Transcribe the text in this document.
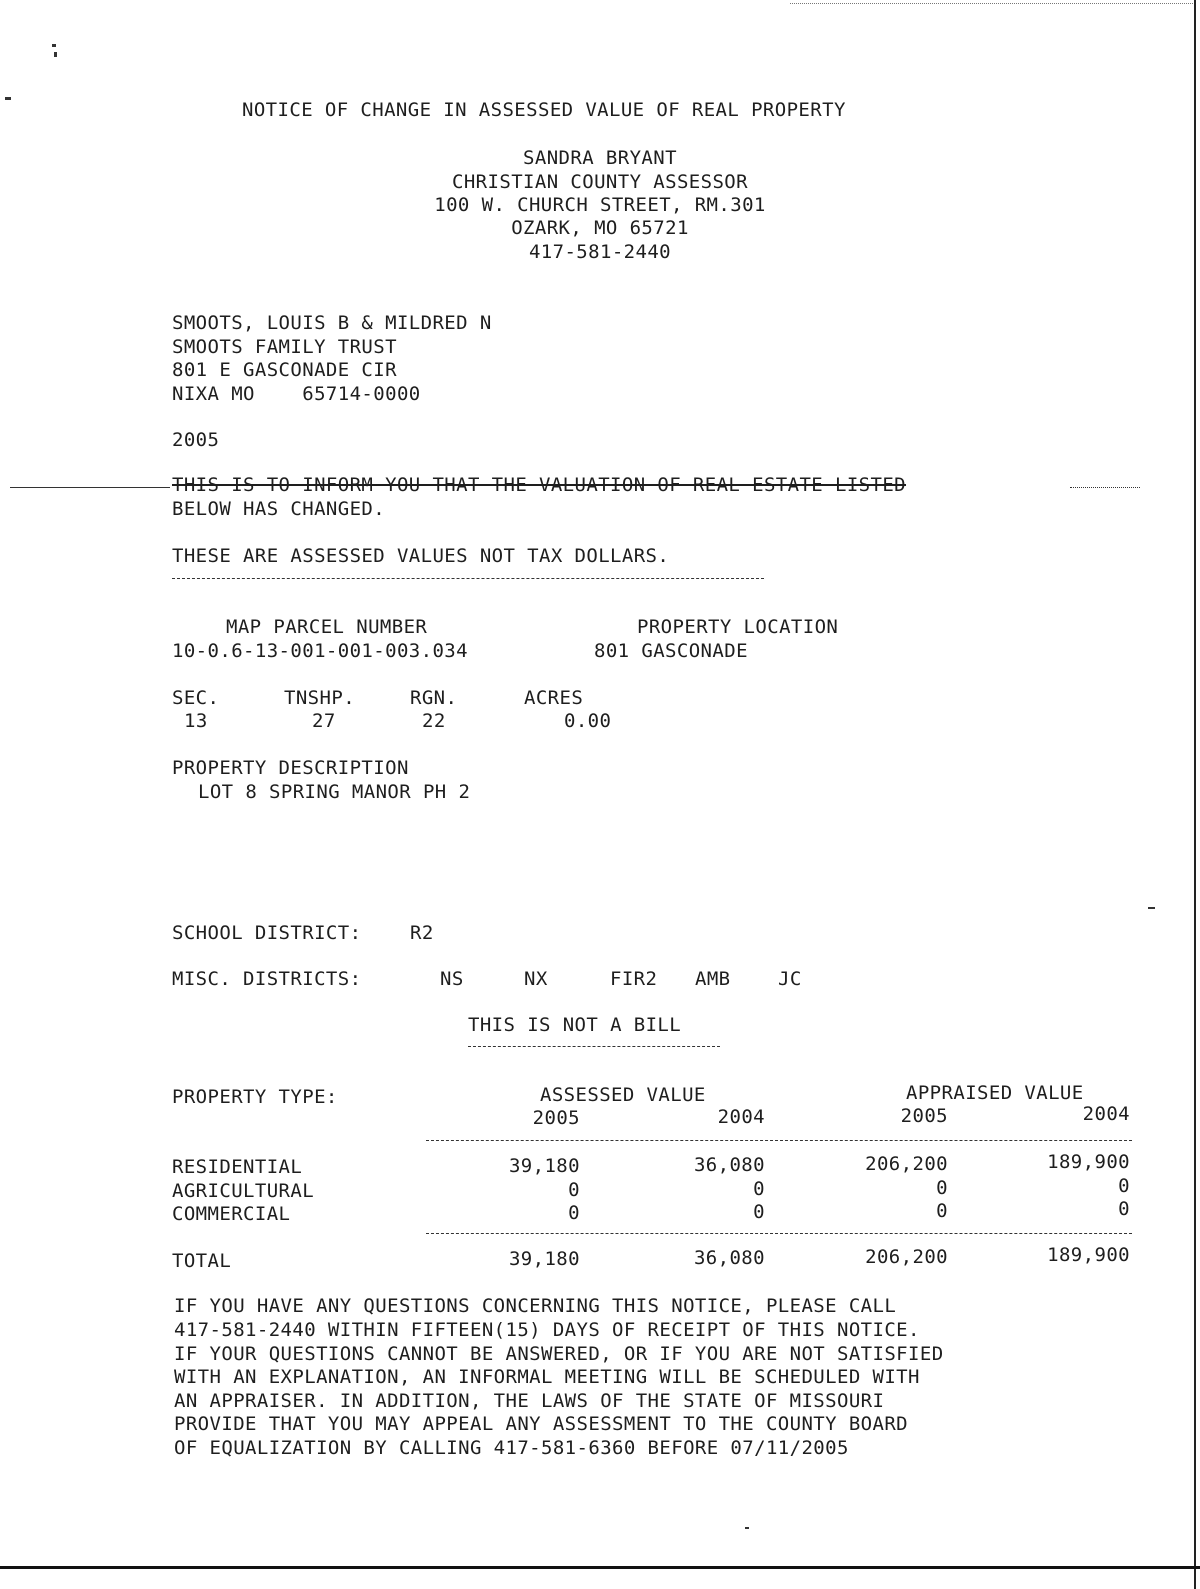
NOTICE OF CHANGE IN ASSESSED VALUE OF REAL PROPERTY
SANDRA BRYANT
CHRISTIAN COUNTY ASSESSOR
100 W. CHURCH STREET, RM.301
OZARK, MO 65721
417-581-2440
SMOOTS, LOUIS B & MILDRED N
SMOOTS FAMILY TRUST
801 E GASCONADE CIR
NIXA MO    65714-0000
2005
THIS IS TO INFORM YOU THAT THE VALUATION OF REAL ESTATE LISTED
BELOW HAS CHANGED.
THESE ARE ASSESSED VALUES NOT TAX DOLLARS.
MAP PARCEL NUMBER	PROPERTY LOCATION
10-0.6-13-001-001-003.034	801 GASCONADE
SEC.	TNSHP.	RGN.	ACRES
13	27	22	0.00
PROPERTY DESCRIPTION
LOT 8 SPRING MANOR PH 2
SCHOOL DISTRICT:	R2
MISC. DISTRICTS:	NS	NX	FIR2 AMB JC
THIS IS NOT A BILL
PROPERTY TYPE:	ASSESSED VALUE	APPRAISED VALUE
2005	2004	2005	2004
RESIDENTIAL	39,180	36,080	206,200	189,900
AGRICULTURAL	0	0	0	0
COMMERCIAL	0	0	0	0
TOTAL	39,180	36,080	206,200	189,900
IF YOU HAVE ANY QUESTIONS CONCERNING THIS NOTICE, PLEASE CALL
417-581-2440 WITHIN FIFTEEN(15) DAYS OF RECEIPT OF THIS NOTICE.
IF YOUR QUESTIONS CANNOT BE ANSWERED, OR IF YOU ARE NOT SATISFIED
WITH AN EXPLANATION, AN INFORMAL MEETING WILL BE SCHEDULED WITH
AN APPRAISER. IN ADDITION, THE LAWS OF THE STATE OF MISSOURI
PROVIDE THAT YOU MAY APPEAL ANY ASSESSMENT TO THE COUNTY BOARD
OF EQUALIZATION BY CALLING 417-581-6360 BEFORE 07/11/2005
